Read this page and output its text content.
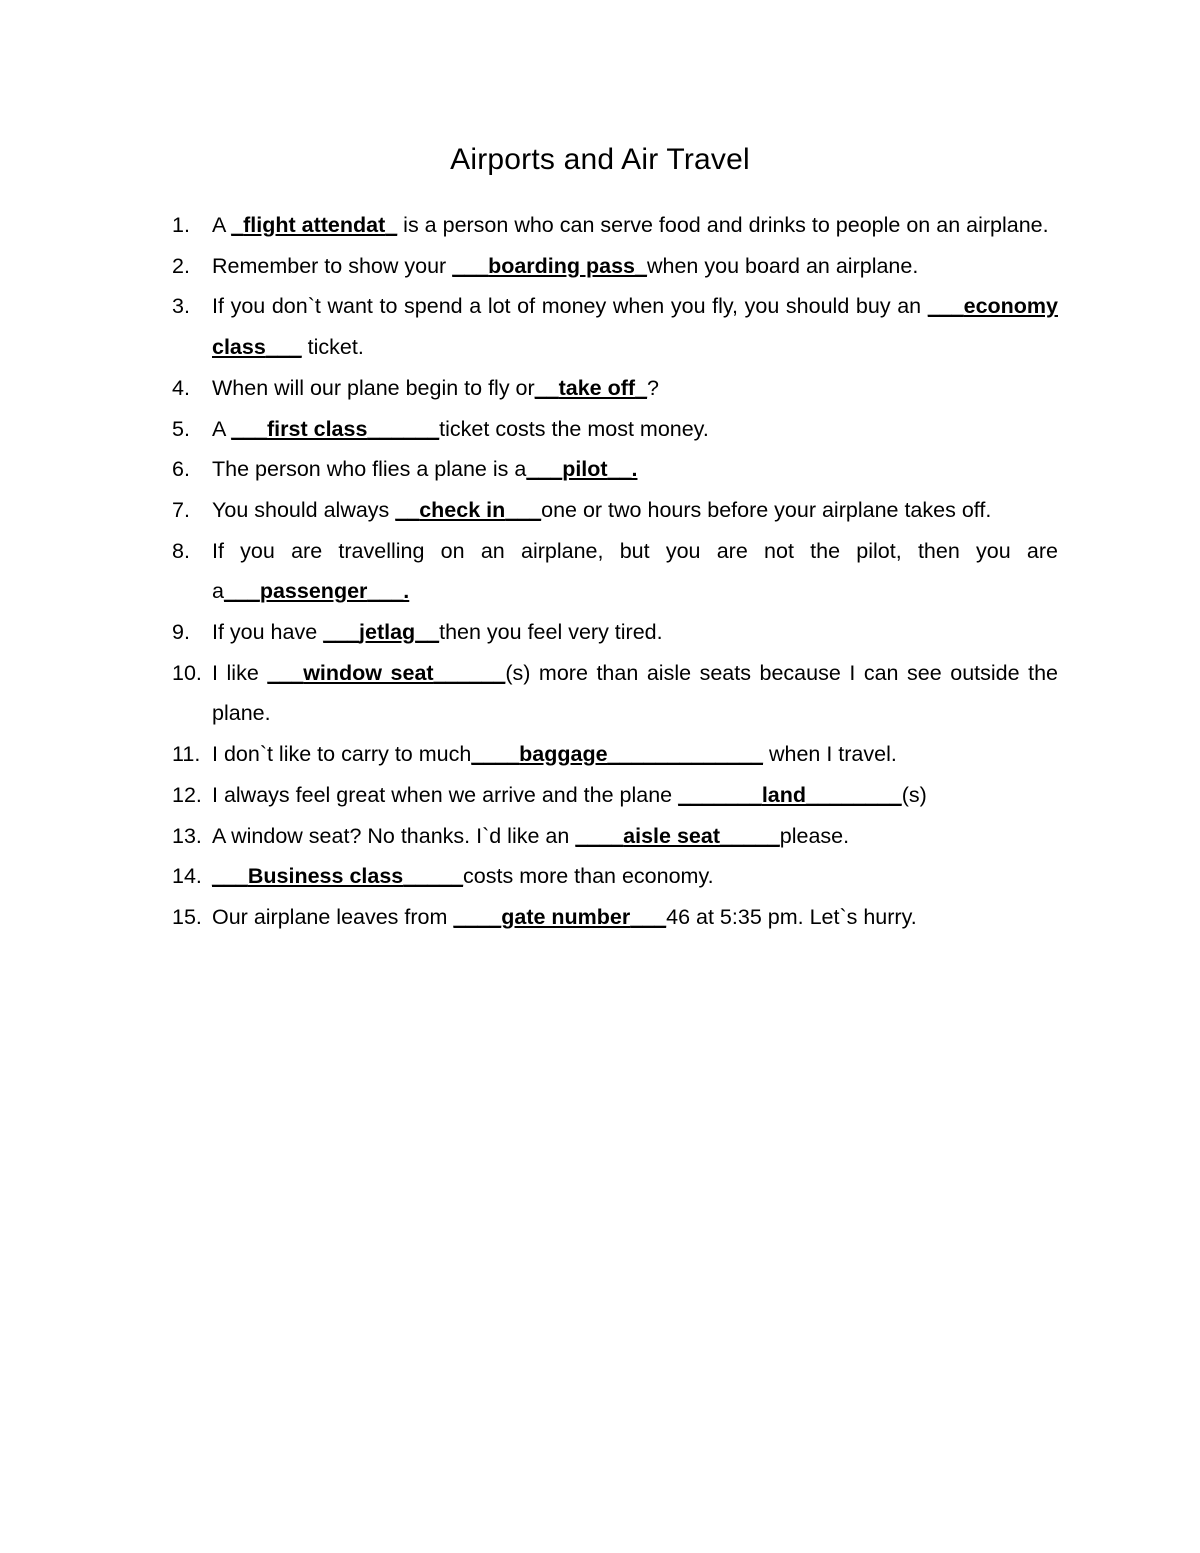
Airports and Air Travel
1. A _flight attendat_ is a person who can serve food and drinks to people on an airplane.
2. Remember to show your ___boarding pass_when you board an airplane.
3. If you don`t want to spend a lot of money when you fly, you should buy an ___economy class___ ticket.
4. When will our plane begin to fly or__take off_?
5. A ___first class______ticket costs the most money.
6. The person who flies a plane is a___pilot__.
7. You should always __check in___one or two hours before your airplane takes off.
8. If you are travelling on an airplane, but you are not the pilot, then you are a___passenger___.
9. If you have ___jetlag__then you feel very tired.
10. I like ___window seat______(s) more than aisle seats because I can see outside the plane.
11. I don`t like to carry to much____baggage_____________ when I travel.
12. I always feel great when we arrive and the plane _______land________(s)
13. A window seat? No thanks. I`d like an ____aisle seat_____please.
14. ___Business class_____costs more than economy.
15. Our airplane leaves from ____gate number___46 at 5:35 pm. Let`s hurry.
